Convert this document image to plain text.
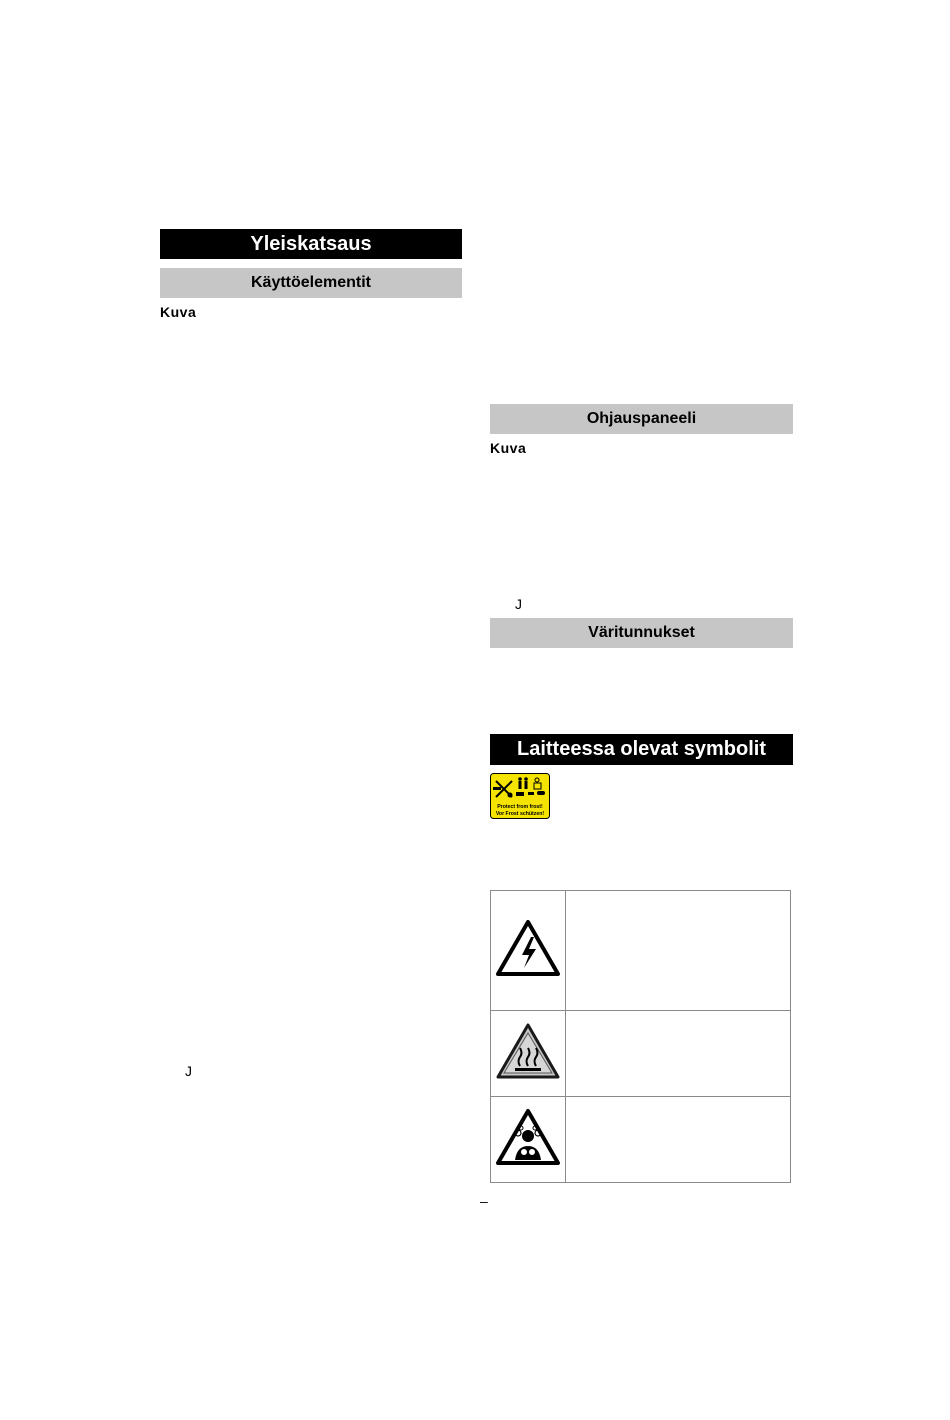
Yleiskatsaus
Käyttöelementit
Kuva
J
Ohjauspaneeli
Kuva
J
Väritunnukset
Laitteessa olevat symbolit
Protect from frost!
Vor Frost schützen!

–
